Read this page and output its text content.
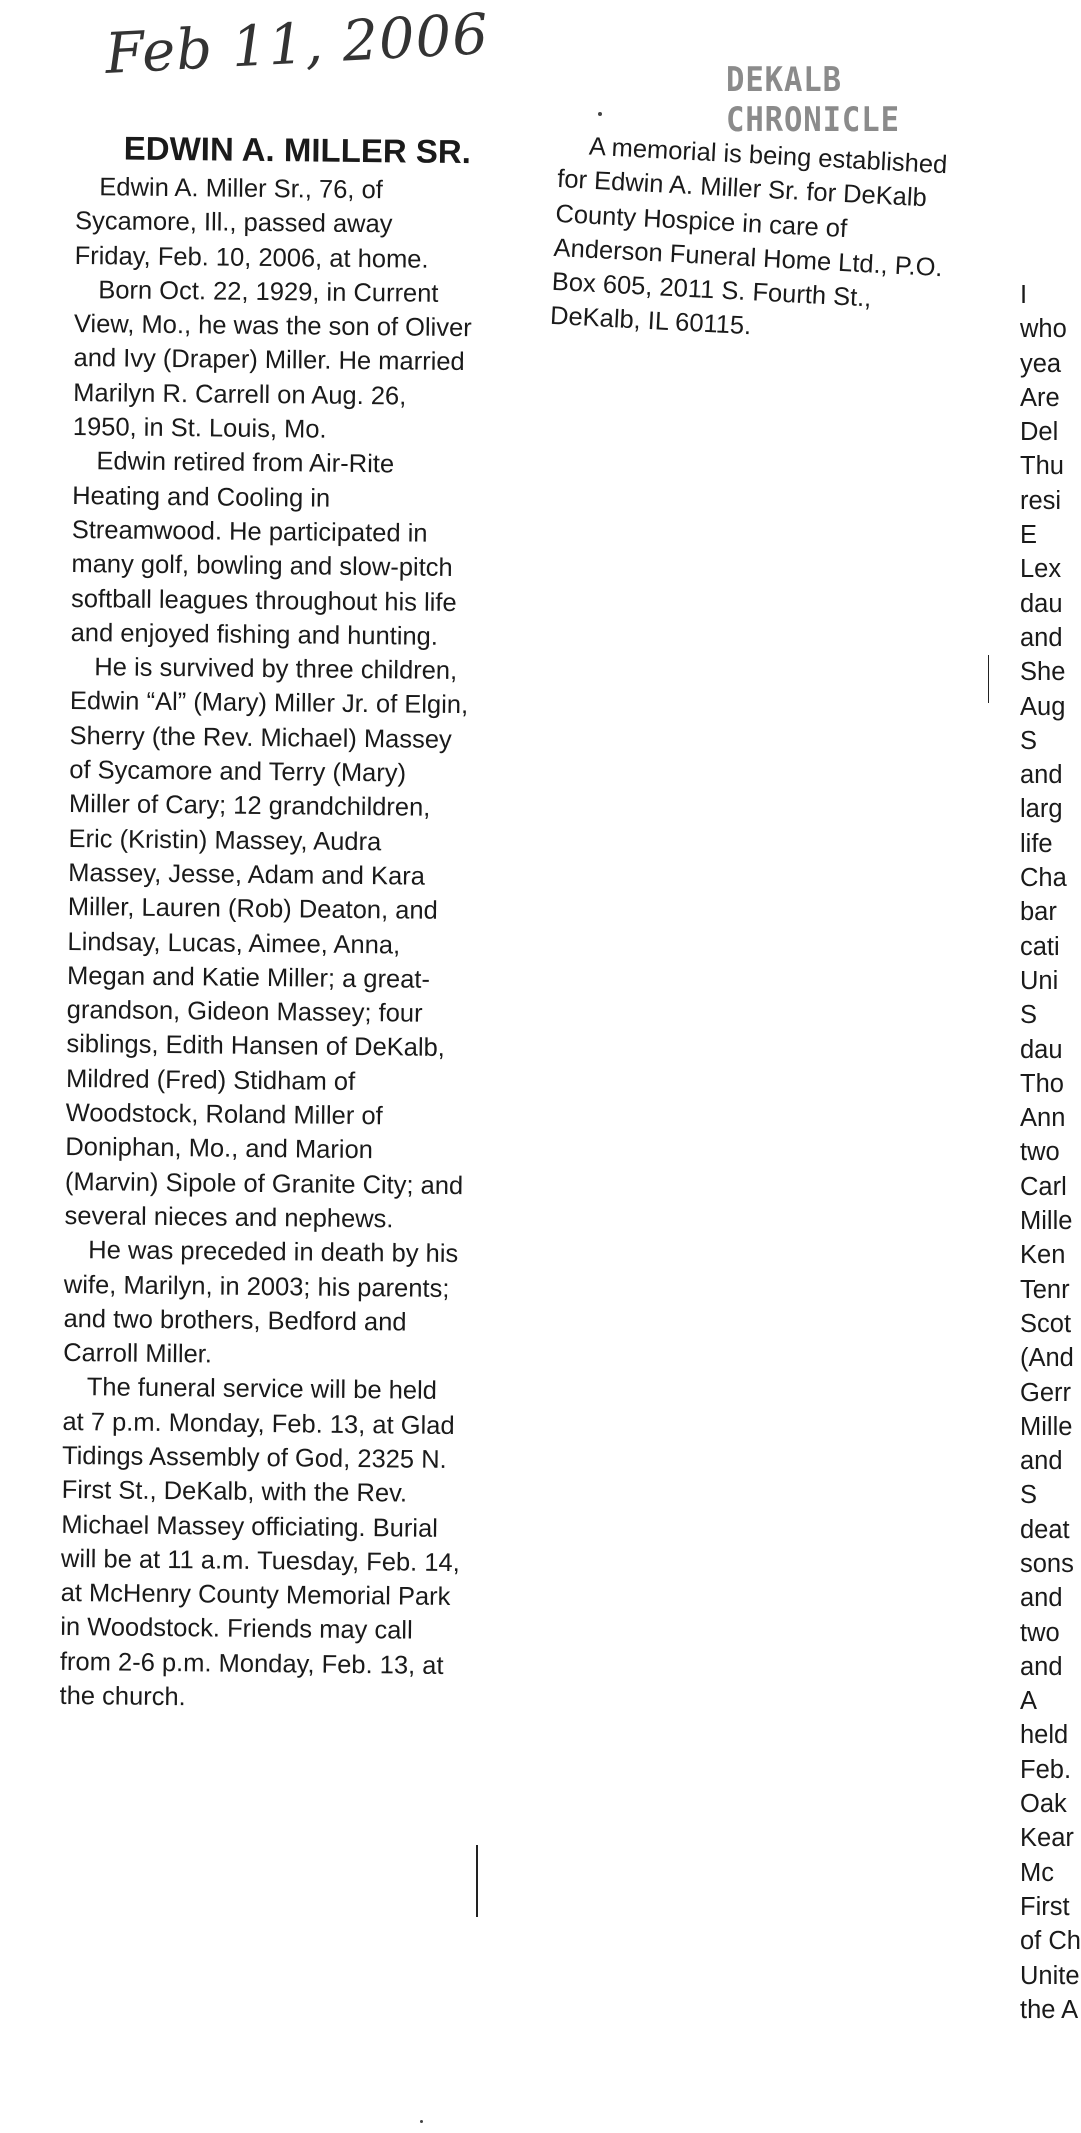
Feb 11, 2006	DEKALB CHRONICLE
EDWIN A. MILLER SR.

Edwin A. Miller Sr., 76, of Sycamore, Ill., passed away Friday, Feb. 10, 2006, at home.

Born Oct. 22, 1929, in Current View, Mo., he was the son of Oliver and Ivy (Draper) Miller. He married Marilyn R. Carrell on Aug. 26, 1950, in St. Louis, Mo.

Edwin retired from Air-Rite Heating and Cooling in Streamwood. He participated in many golf, bowling and slow-pitch softball leagues throughout his life and enjoyed fishing and hunting.

He is survived by three children, Edwin “Al” (Mary) Miller Jr. of Elgin, Sherry (the Rev. Michael) Massey of Sycamore and Terry (Mary) Miller of Cary; 12 grandchildren, Eric (Kristin) Massey, Audra Massey, Jesse, Adam and Kara Miller, Lauren (Rob) Deaton, and Lindsay, Lucas, Aimee, Anna, Megan and Katie Miller; a great-grandson, Gideon Massey; four siblings, Edith Hansen of DeKalb, Mildred (Fred) Stidham of Woodstock, Roland Miller of Doniphan, Mo., and Marion (Marvin) Sipole of Granite City; and several nieces and nephews.

He was preceded in death by his wife, Marilyn, in 2003; his parents; and two brothers, Bedford and Carroll Miller.

The funeral service will be held at 7 p.m. Monday, Feb. 13, at Glad Tidings Assembly of God, 2325 N. First St., DeKalb, with the Rev. Michael Massey officiating. Burial will be at 11 a.m. Tuesday, Feb. 14, at McHenry County Memorial Park in Woodstock. Friends may call from 2-6 p.m. Monday, Feb. 13, at the church.

A memorial is being established for Edwin A. Miller Sr. for DeKalb County Hospice in care of Anderson Funeral Home Ltd., P.O. Box 605, 2011 S. Fourth St., DeKalb, IL 60115.

I
who
yea
Are
Del
Thu
resi
E
Lex
dau
and
She
Aug
S
and
larg
life
Cha
bar
cati
Uni
S
dau
Tho
Ann
two
Carl
Mille
Ken
Tenr
Scot
(And
Gerr
Mille
and
S
deat
sons
and
two
and
A
held
Feb.
Oak
Kear
Mc
First
of Ch
Unite
the A
